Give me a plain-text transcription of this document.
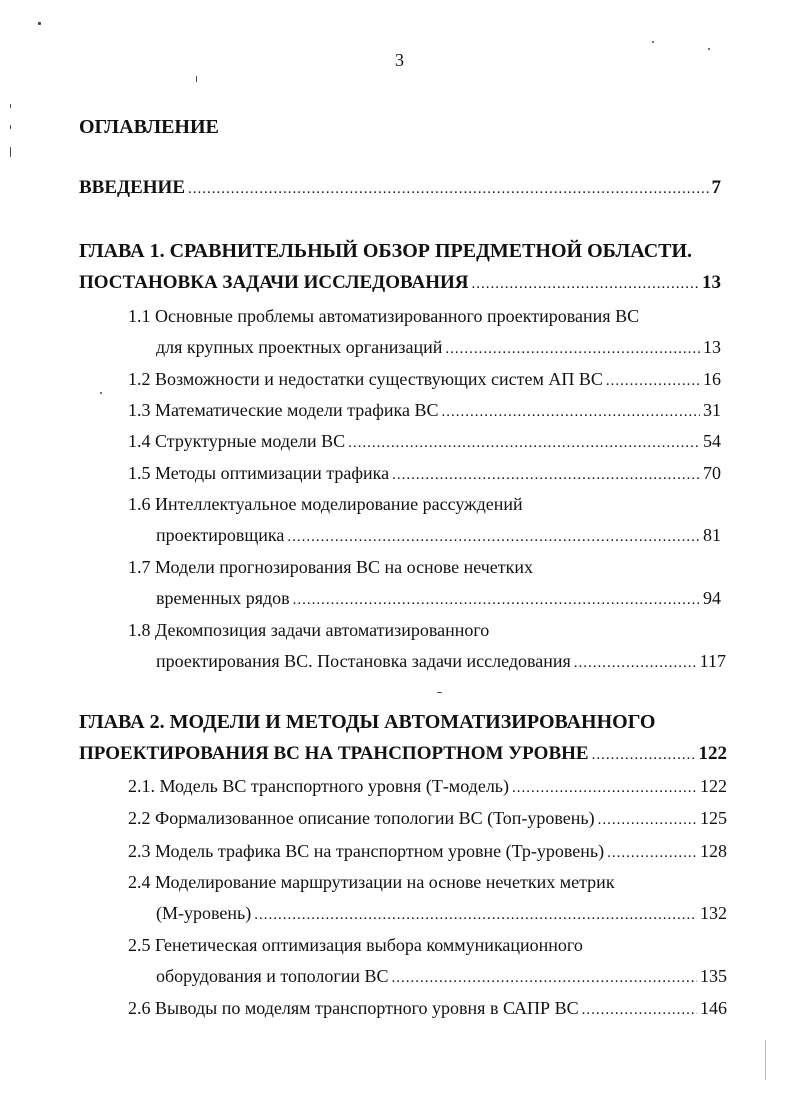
3
ОГЛАВЛЕНИЕ
ВВЕДЕНИЕ .....	7
ГЛАВА 1. СРАВНИТЕЛЬНЫЙ ОБЗОР ПРЕДМЕТНОЙ ОБЛАСТИ.
ПОСТАНОВКА ЗАДАЧИ ИССЛЕДОВАНИЯ .....	13
1.1 Основные проблемы автоматизированного проектирования ВС
для крупных проектных организаций .....	13
1.2 Возможности и недостатки существующих систем АП ВС .....	16
1.3 Математические модели трафика ВС .....	31
1.4 Структурные модели ВС .....	54
1.5 Методы оптимизации трафика .....	70
1.6 Интеллектуальное моделирование рассуждений
проектировщика .....	81
1.7 Модели прогнозирования ВС на основе нечетких
временных рядов .....	94
1.8 Декомпозиция задачи автоматизированного
проектирования ВС. Постановка задачи исследования .....	117
ГЛАВА 2. МОДЕЛИ И МЕТОДЫ АВТОМАТИЗИРОВАННОГО
ПРОЕКТИРОВАНИЯ ВС НА ТРАНСПОРТНОМ УРОВНЕ .....	122
2.1. Модель ВС транспортного уровня (Т-модель) .....	122
2.2 Формализованное описание топологии ВС (Топ-уровень) .....	125
2.3 Модель трафика ВС на транспортном уровне (Тр-уровень) .....	128
2.4 Моделирование маршрутизации на основе нечетких метрик
(М-уровень) .....	132
2.5 Генетическая оптимизация выбора коммуникационного
оборудования и топологии ВС .....	135
2.6 Выводы по моделям транспортного уровня в САПР ВС .....	146
